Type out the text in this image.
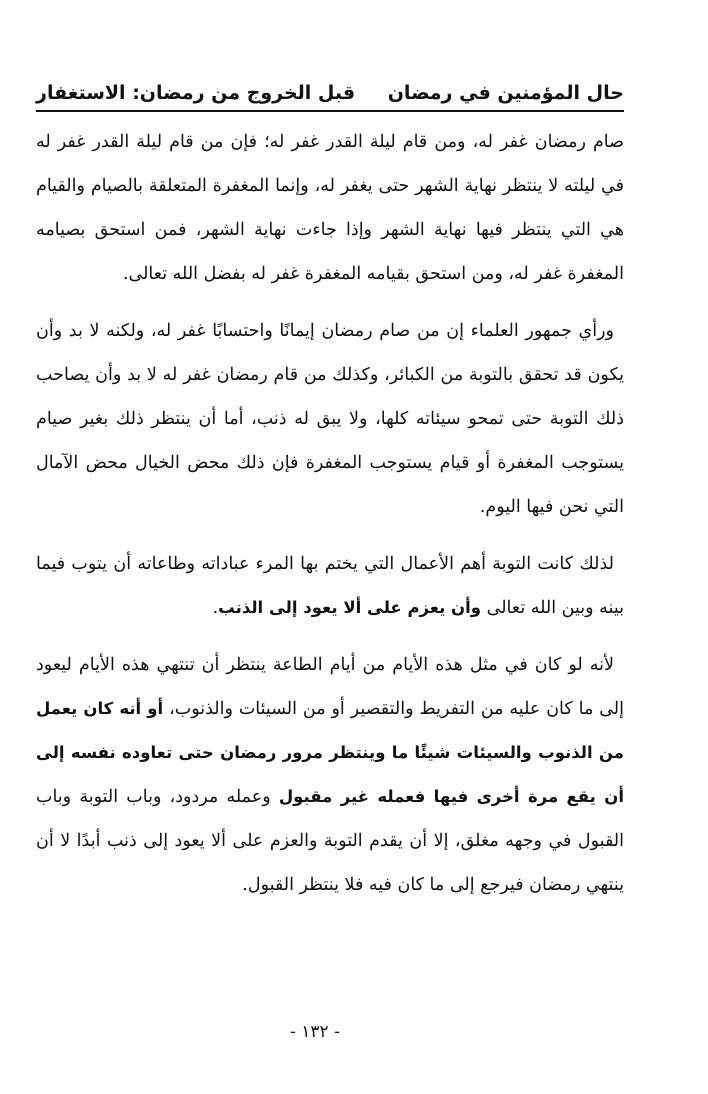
حال المؤمنين في رمضان
قبل الخروج من رمضان: الاستغفار

صام رمضان غفر له، ومن قام ليلة القدر غفر له؛ فإن من قام ليلة القدر غفر له في ليلته لا ينتظر نهاية الشهر حتى يغفر له، وإنما المغفرة المتعلقة بالصيام والقيام هي التي ينتظر فيها نهاية الشهر وإذا جاءت نهاية الشهر، فمن استحق بصيامه المغفرة غفر له، ومن استحق بقيامه المغفرة غفر له بفضل الله تعالى.

ورأي جمهور العلماء إن من صام رمضان إيمانًا واحتسابًا غفر له، ولكنه لا بد وأن يكون قد تحقق بالتوبة من الكبائر، وكذلك من قام رمضان غفر له لا بد وأن يصاحب ذلك التوبة حتى تمحو سيئاته كلها، ولا يبق له ذنب، أما أن ينتظر ذلك بغير صيام يستوجب المغفرة أو قيام يستوجب المغفرة فإن ذلك محض الخيال محض الآمال التي نحن فيها اليوم.

لذلك كانت التوبة أهم الأعمال التي يختم بها المرء عباداته وطاعاته أن يتوب فيما بينه وبين الله تعالى وأن يعزم على ألا يعود إلى الذنب.

لأنه لو كان في مثل هذه الأيام من أيام الطاعة ينتظر أن تنتهي هذه الأيام ليعود إلى ما كان عليه من التفريط والتقصير أو من السيئات والذنوب، أو أنه كان يعمل من الذنوب والسيئات شيئًا ما وينتظر مرور رمضان حتى تعاوده نفسه إلى أن يقع مرة أخرى فيها فعمله غير مقبول وعمله مردود، وباب التوبة وباب القبول في وجهه مغلق، إلا أن يقدم التوبة والعزم على ألا يعود إلى ذنب أبدًا لا أن ينتهي رمضان فيرجع إلى ما كان فيه فلا ينتظر القبول.

- ١٣٢ -
